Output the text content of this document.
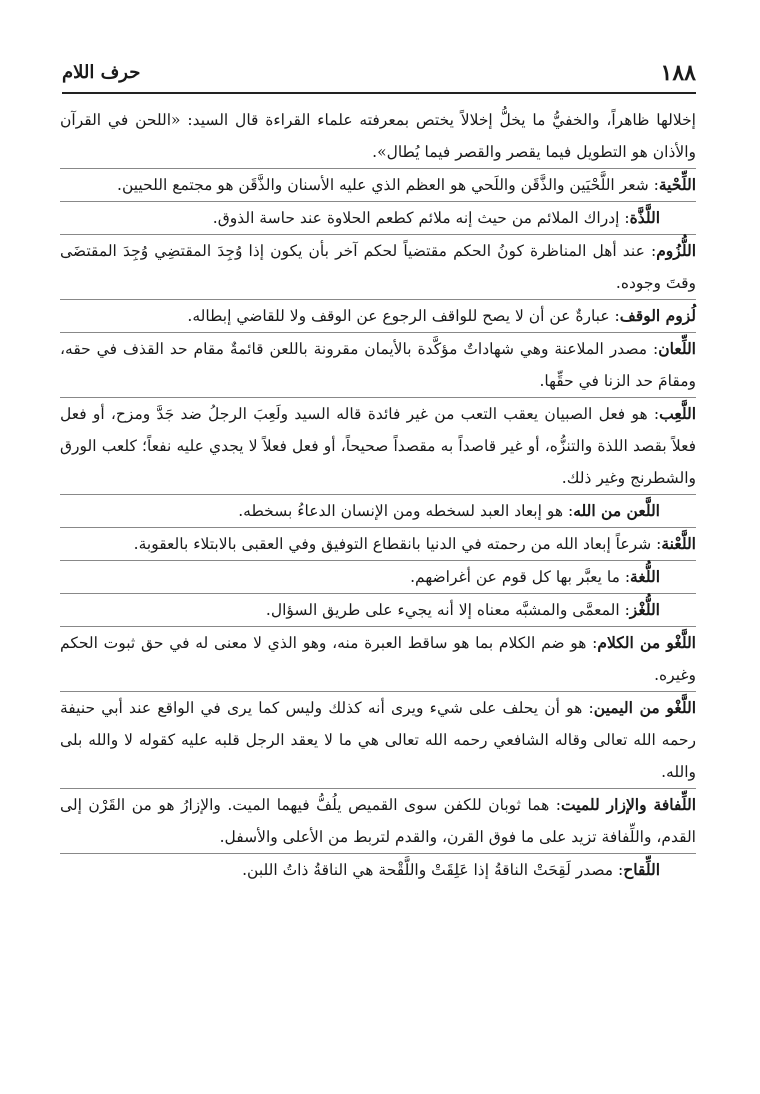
١٨٨
حرف اللام

إخلالها ظاهراً، والخفيُّ ما يخلُّ إخلالاً يختص بمعرفته علماء القراءة قال السيد: «اللحن في القرآن والأذان هو التطويل فيما يقصر والقصر فيما يُطال».

اللِّحْية: شعر اللَّحْيَين والذَّقَن واللَحي هو العظم الذي عليه الأسنان والذَّقَن هو مجتمع اللحيين.

اللَّذَّة: إدراك الملائم من حيث إنه ملائم كطعم الحلاوة عند حاسة الذوق.

اللُّزُوم: عند أهل المناظرة كونُ الحكم مقتضياً لحكم آخر بأن يكون إذا وُجِدَ المقتضِي وُجِدَ المقتضَى وقتَ وجوده.

لُزوم الوقف: عبارةٌ عن أن لا يصح للواقف الرجوع عن الوقف ولا للقاضي إبطاله.

اللِّعان: مصدر الملاعنة وهي شهاداتٌ مؤكَّدة بالأيمان مقرونة باللعن قائمةٌ مقام حد القذف في حقه، ومقامَ حد الزنا في حقِّها.

اللَّعِب: هو فعل الصبيان يعقب التعب من غير فائدة قاله السيد ولَعِبَ الرجلُ ضد جَدَّ ومزح، أو فعل فعلاً بقصد اللذة والتنزُّه، أو غير قاصداً به مقصداً صحيحاً، أو فعل فعلاً لا يجدي عليه نفعاً؛ كلعب الورق والشطرنج وغير ذلك.

اللَّعن من الله: هو إبعاد العبد لسخطه ومن الإنسان الدعاءُ بسخطه.

اللَّعْنة: شرعاً إبعاد الله من رحمته في الدنيا بانقطاع التوفيق وفي العقبى بالابتلاء بالعقوبة.

اللُّغة: ما يعبَّر بها كل قوم عن أغراضهم.

اللُّغْز: المعمَّى والمشبَّه معناه إلا أنه يجيء على طريق السؤال.

اللَّغْو من الكلام: هو ضم الكلام بما هو ساقط العبرة منه، وهو الذي لا معنى له في حق ثبوت الحكم وغيره.

اللَّغْو من اليمين: هو أن يحلف على شيء ويرى أنه كذلك وليس كما يرى في الواقع عند أبي حنيفة رحمه الله تعالى وقاله الشافعي رحمه الله تعالى هي ما لا يعقد الرجل قلبه عليه كقوله لا والله بلى والله.

اللِّفافة والإزار للميت: هما ثوبان للكفن سوى القميص يلُفُّ فيهما الميت. والإزارُ هو من القَرْن إلى القدم، واللِّفافة تزيد على ما فوق القرن، والقدم لتربط من الأعلى والأسفل.

اللِّقاح: مصدر لَقِحَتْ الناقةُ إذا عَلِقَتْ واللَّقْحة هي الناقةُ ذاتُ اللبن.
